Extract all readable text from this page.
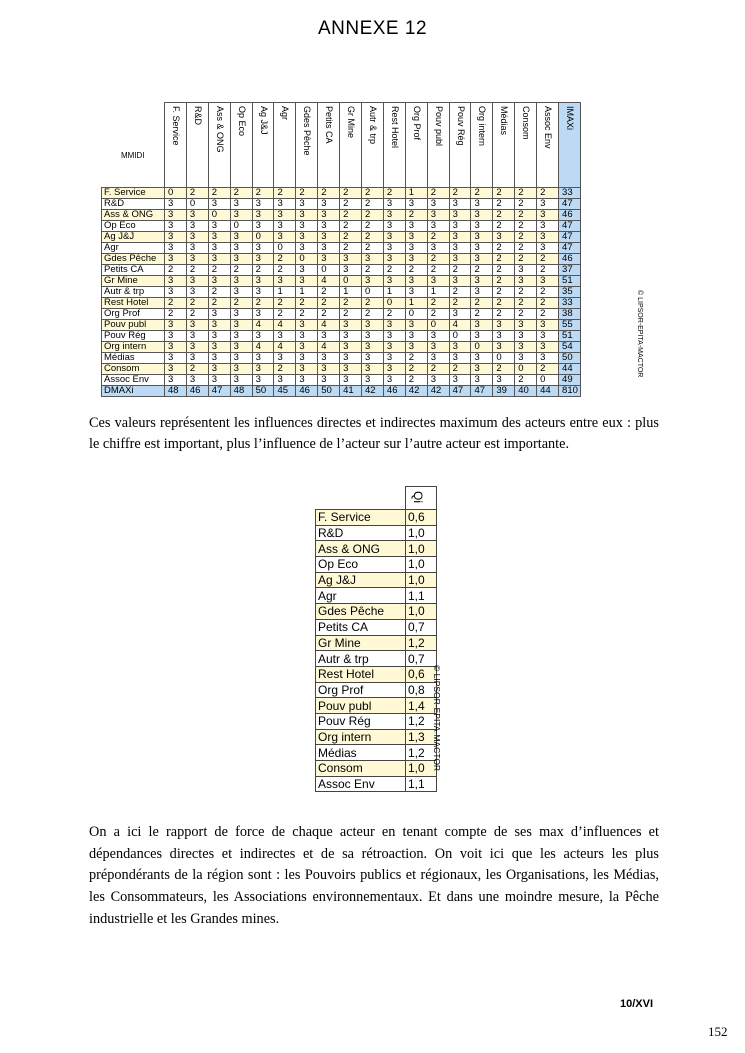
ANNEXE 12
MMIDI	F. Service	R&D	Ass & ONG	Op Eco	Ag J&J	Agr	Gdes Pêche	Petits CA	Gr Mine	Autr & trp	Rest Hotel	Org Prof	Pouv publ	Pouv Rég	Org intern	Médias	Consom	Assoc Env	IMAXi

F. Service	0	2	2	2	2	2	2	2	2	2	2	1	2	2	2	2	2	2	33
R&D	3	0	3	3	3	3	3	3	2	2	3	3	3	3	3	2	2	3	47
Ass & ONG	3	3	0	3	3	3	3	3	2	2	3	2	3	3	3	2	2	3	46
Op Eco	3	3	3	0	3	3	3	3	2	2	3	3	3	3	3	2	2	3	47
Ag J&J	3	3	3	3	0	3	3	3	2	2	3	3	2	3	3	3	2	3	47
Agr	3	3	3	3	3	0	3	3	2	2	3	3	3	3	3	2	2	3	47
Gdes Pêche	3	3	3	3	3	2	0	3	3	3	3	3	2	3	3	2	2	2	46
Petits CA	2	2	2	2	2	2	3	0	3	2	2	2	2	2	2	2	3	2	37
Gr Mine	3	3	3	3	3	3	3	4	0	3	3	3	3	3	3	2	3	3	51
Autr & trp	3	3	2	3	3	1	1	2	1	0	1	3	1	2	3	2	2	2	35
Rest Hotel	2	2	2	2	2	2	2	2	2	2	0	1	2	2	2	2	2	2	33
Org Prof	2	2	3	3	3	2	2	2	2	2	2	0	2	3	2	2	2	2	38
Pouv publ	3	3	3	3	4	4	3	4	3	3	3	3	0	4	3	3	3	3	55
Pouv Rég	3	3	3	3	3	3	3	3	3	3	3	3	3	0	3	3	3	3	51
Org intern	3	3	3	3	4	4	3	4	3	3	3	3	3	3	0	3	3	3	54
Médias	3	3	3	3	3	3	3	3	3	3	3	2	3	3	3	0	3	3	50
Consom	3	2	3	3	3	2	3	3	3	3	3	2	2	2	3	2	0	2	44
Assoc Env	3	3	3	3	3	3	3	3	3	3	3	2	3	3	3	3	2	0	49
DMAXi	48	46	47	48	50	45	46	50	41	42	46	42	42	47	47	39	40	44	810
© LIPSOR-EPITA-MACTOR
Ces valeurs représentent les influences directes et indirectes maximum des acteurs entre eux : plus le chiffre est important, plus l’influence de l’acteur sur l’autre acteur est importante.

	Qi

F. Service	0,6
R&D	1,0
Ass & ONG	1,0
Op Eco	1,0
Ag J&J	1,0
Agr	1,1
Gdes Pêche	1,0
Petits CA	0,7
Gr Mine	1,2
Autr & trp	0,7
Rest Hotel	0,6
Org Prof	0,8
Pouv publ	1,4
Pouv Rég	1,2
Org intern	1,3
Médias	1,2
Consom	1,0
Assoc Env	1,1
© LIPSOR-EPITA-MACTOR
On a ici le rapport de force de chaque acteur en tenant compte de ses max d’influences et dépendances directes et indirectes et de sa rétroaction. On voit ici que les acteurs les plus prépondérants de la région sont : les Pouvoirs publics et régionaux, les Organisations, les Médias, les Consommateurs, les Associations environnementaux. Et dans une moindre mesure, la Pêche industrielle et les Grandes mines.
10/XVI
152
